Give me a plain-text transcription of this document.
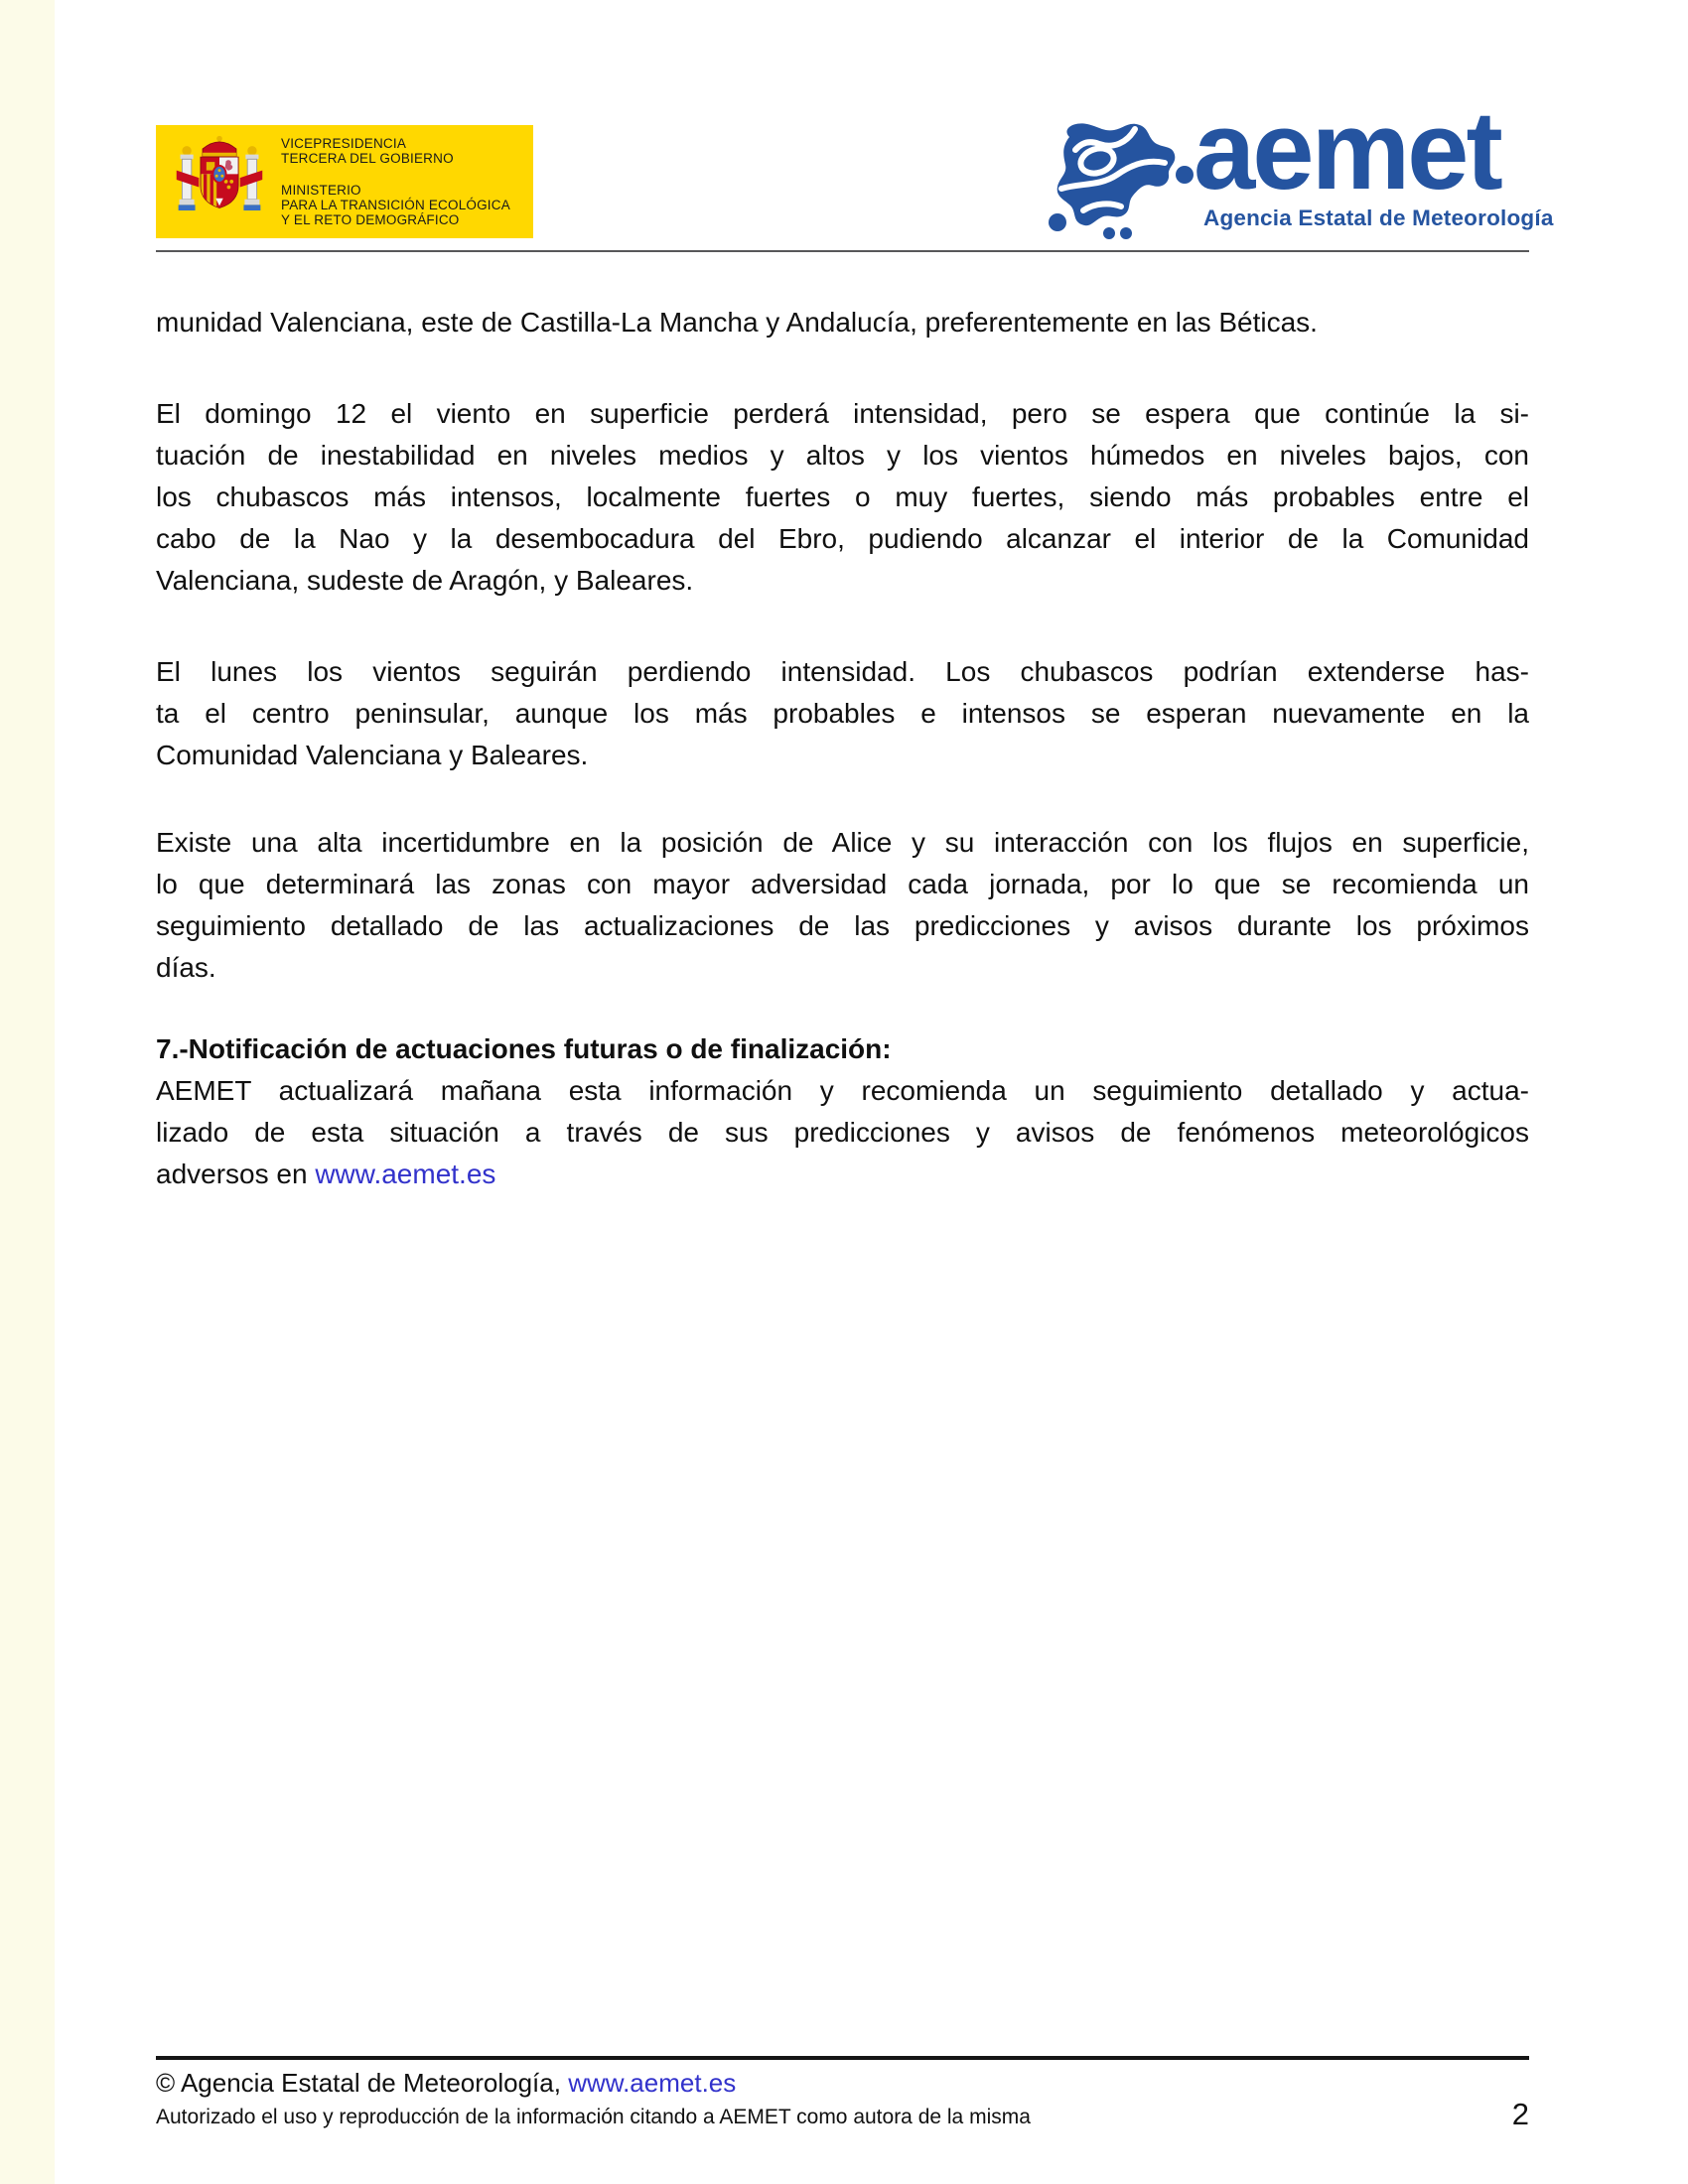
VICEPRESIDENCIA
TERCERA DEL GOBIERNO
MINISTERIO
PARA LA TRANSICIÓN ECOLÓGICA
Y EL RETO DEMOGRÁFICO
aemet
Agencia Estatal de Meteorología
munidad Valenciana, este de Castilla-La Mancha y Andalucía, preferentemente en las Béticas.
El domingo 12 el viento en superficie perderá intensidad, pero se espera que continúe la si-
tuación de inestabilidad en niveles medios y altos y los vientos húmedos en niveles bajos, con
los chubascos más intensos, localmente fuertes o muy fuertes, siendo más probables entre el
cabo de la Nao y la desembocadura del Ebro, pudiendo alcanzar el interior de la Comunidad
Valenciana, sudeste de Aragón, y Baleares.
El lunes los vientos seguirán perdiendo intensidad. Los chubascos podrían extenderse has-
ta el centro peninsular, aunque los más probables e intensos se esperan nuevamente en la
Comunidad Valenciana y Baleares.
Existe una alta incertidumbre en la posición de Alice y su interacción con los flujos en superficie,
lo que determinará las zonas con mayor adversidad cada jornada, por lo que se recomienda un
seguimiento detallado de las actualizaciones de las predicciones y avisos durante los próximos
días.
7.-Notificación de actuaciones futuras o de finalización:
AEMET actualizará mañana esta información y recomienda un seguimiento detallado y actua-
lizado de esta situación a través de sus predicciones y avisos de fenómenos meteorológicos
adversos en www.aemet.es
© Agencia Estatal de Meteorología, www.aemet.es
Autorizado el uso y reproducción de la información citando a AEMET como autora de la misma	2
